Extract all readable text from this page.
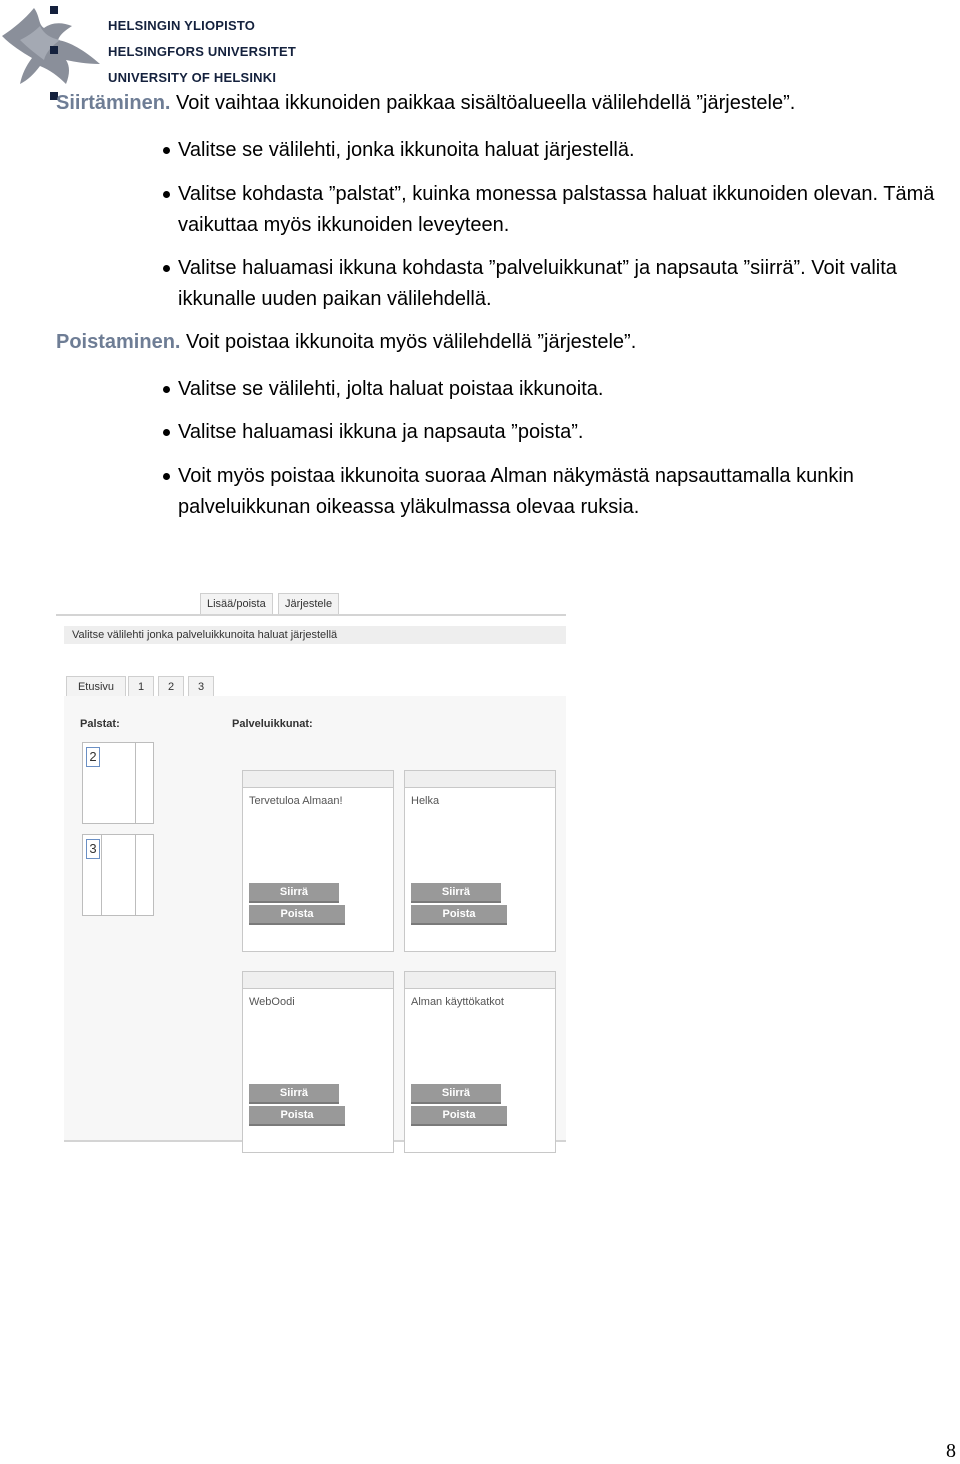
HELSINGIN YLIOPISTO
HELSINGFORS UNIVERSITET
UNIVERSITY OF HELSINKI
Siirtäminen. Voit vaihtaa ikkunoiden paikkaa sisältöalueella välilehdellä ”järjestele”.
Valitse se välilehti, jonka ikkunoita haluat järjestellä.
Valitse kohdasta ”palstat”, kuinka monessa palstassa haluat ikkunoiden olevan. Tämä vaikuttaa myös ikkunoiden leveyteen.
Valitse haluamasi ikkuna kohdasta ”palveluikkunat” ja napsauta ”siirrä”. Voit valita ikkunalle uuden paikan välilehdellä.
Poistaminen. Voit poistaa ikkunoita myös välilehdellä ”järjestele”.
Valitse se välilehti, jolta haluat poistaa ikkunoita.
Valitse haluamasi ikkuna ja napsauta ”poista”.
Voit myös poistaa ikkunoita suoraa Alman näkymästä napsauttamalla kunkin palveluikkunan oikeassa yläkulmassa olevaa ruksia.
Lisää/poista	Järjestele
Valitse välilehti jonka palveluikkunoita haluat järjestellä
Etusivu	1	2	3
Palstat:	Palveluikkunat:
2
3
Tervetuloa Almaan!
Siirrä
Poista
Helka
Siirrä
Poista
WebOodi
Siirrä
Poista
Alman käyttökatkot
Siirrä
Poista
8
